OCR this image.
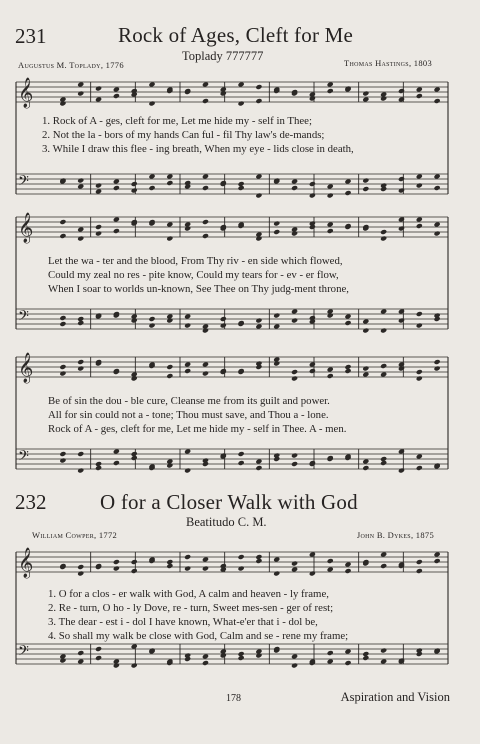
231	Rock of Ages, Cleft for Me
Toplady 777777
Augustus M. Toplady, 1776	Thomas Hastings, 1803
𝄞
𝄢
1. Rock of A - ges, cleft for me, Let me hide my - self in Thee;
2. Not the la - bors of my hands Can ful - fil Thy law's de-mands;
3. While I draw this flee - ing breath, When my eye - lids close in death,
𝄞
𝄢
Let the wa - ter and the blood, From Thy riv - en side which flowed,
Could my zeal no res - pite know, Could my tears for - ev - er flow,
When I soar to worlds un-known, See Thee on Thy judg-ment throne,
𝄞
𝄢
Be of sin the dou - ble cure, Cleanse me from its guilt and power.
All for sin could not a - tone; Thou must save, and Thou a - lone.
Rock of A - ges, cleft for me, Let me hide my - self in Thee. A - men.
232	O for a Closer Walk with God
Beatitudo C. M.
William Cowper, 1772	John B. Dykes, 1875
𝄞
𝄢
1. O for a clos - er walk with God, A calm and heaven - ly frame,
2. Re - turn, O ho - ly Dove, re - turn, Sweet mes-sen - ger of rest;
3. The dear - est i - dol I have known, What-e'er that i - dol be,
4. So shall my walk be close with God, Calm and se - rene my frame;
178	Aspiration and Vision
